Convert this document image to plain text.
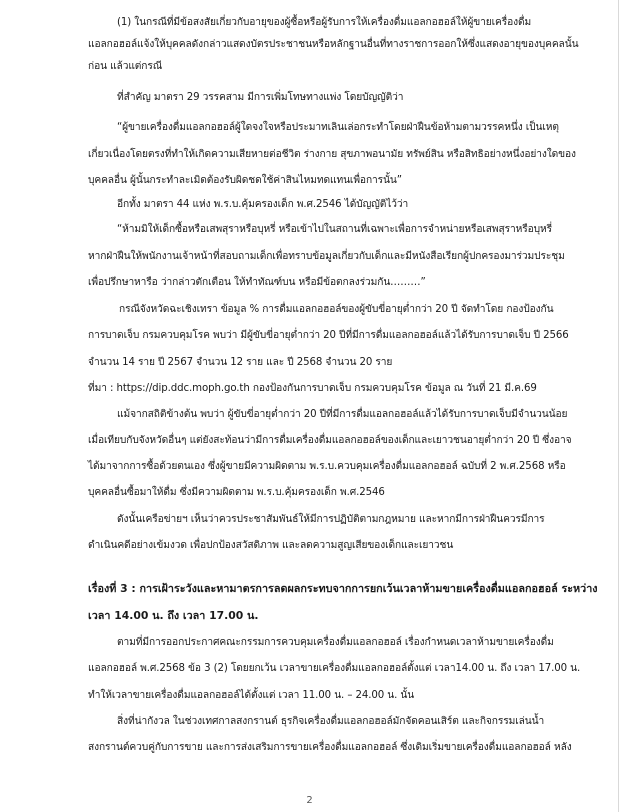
(1) ในกรณีที่มีข้อสงสัยเกี่ยวกับอายุของผู้ซื้อหรือผู้รับการให้เครื่องดื่มแอลกอฮอล์ให้ผู้ขายเครื่องดื่ม
แอลกอฮอล์แจ้งให้บุคคลดังกล่าวแสดงบัตรประชาชนหรือหลักฐานอื่นที่ทางราชการออกให้ซึ่งแสดงอายุของบุคคลนั้น
ก่อน แล้วแต่กรณี
ที่สำคัญ มาตรา 29 วรรคสาม มีการเพิ่มโทษทางแพ่ง โดยบัญญัติว่า
“ผู้ขายเครื่องดื่มแอลกอฮอล์ผู้ใดจงใจหรือประมาทเลินเล่อกระทำโดยฝ่าฝืนข้อห้ามตามวรรคหนึ่ง เป็นเหตุ
เกี่ยวเนื่องโดยตรงที่ทำให้เกิดความเสียหายต่อชีวิต ร่างกาย สุขภาพอนามัย ทรัพย์สิน หรือสิทธิอย่างหนึ่งอย่างใดของ
บุคคลอื่น ผู้นั้นกระทำละเมิดต้องรับผิดชดใช้ค่าสินไหมทดแทนเพื่อการนั้น”
อีกทั้ง มาตรา 44 แห่ง พ.ร.บ.คุ้มครองเด็ก พ.ศ.2546 ได้บัญญัติไว้ว่า
“ห้ามมิให้เด็กซื้อหรือเสพสุราหรือบุหรี่ หรือเข้าไปในสถานที่เฉพาะเพื่อการจำหน่ายหรือเสพสุราหรือบุหรี่
หากฝ่าฝืนให้พนักงานเจ้าหน้าที่สอบถามเด็กเพื่อทราบข้อมูลเกี่ยวกับเด็กและมีหนังสือเรียกผู้ปกครองมาร่วมประชุม
เพื่อปรึกษาหารือ ว่ากล่าวตักเตือน ให้ทำทัณฑ์บน หรือมีข้อตกลงร่วมกัน………”
กรณีจังหวัดฉะเชิงเทรา ข้อมูล % การดื่มแอลกอฮอล์ของผู้ขับขี่อายุต่ำกว่า 20 ปี จัดทำโดย กองป้องกัน
การบาดเจ็บ กรมควบคุมโรค พบว่า มีผู้ขับขี่อายุต่ำกว่า 20 ปีที่มีการดื่มแอลกอฮอล์แล้วได้รับการบาดเจ็บ ปี 2566
จำนวน 14 ราย ปี 2567 จำนวน 12 ราย และ ปี 2568 จำนวน 20 ราย
ที่มา : https://dip.ddc.moph.go.th กองป้องกันการบาดเจ็บ กรมควบคุมโรค ข้อมูล ณ วันที่ 21 มี.ค.69
แม้จากสถิติข้างต้น พบว่า ผู้ขับขี่อายุต่ำกว่า 20 ปีที่มีการดื่มแอลกอฮอล์แล้วได้รับการบาดเจ็บมีจำนวนน้อย
เมื่อเทียบกับจังหวัดอื่นๆ แต่ยังสะท้อนว่ามีการดื่มเครื่องดื่มแอลกอฮอล์ของเด็กและเยาวชนอายุต่ำกว่า 20 ปี ซึ่งอาจ
ได้มาจากการซื้อด้วยตนเอง ซึ่งผู้ขายมีความผิดตาม พ.ร.บ.ควบคุมเครื่องดื่มแอลกอฮอล์ ฉบับที่ 2 พ.ศ.2568 หรือ
บุคคลอื่นซื้อมาให้ดื่ม ซึ่งมีความผิดตาม พ.ร.บ.คุ้มครองเด็ก พ.ศ.2546
ดังนั้นเครือข่ายฯ เห็นว่าควรประชาสัมพันธ์ให้มีการปฏิบัติตามกฎหมาย และหากมีการฝ่าฝืนควรมีการ
ดำเนินคดีอย่างเข้มงวด เพื่อปกป้องสวัสดิภาพ และลดความสูญเสียของเด็กและเยาวชน
เรื่องที่ 3 : การเฝ้าระวังและหามาตรการลดผลกระทบจากการยกเว้นเวลาห้ามขายเครื่องดื่มแอลกอฮอล์ ระหว่าง
เวลา 14.00 น. ถึง เวลา 17.00 น.
ตามที่มีการออกประกาศคณะกรรมการควบคุมเครื่องดื่มแอลกอฮอล์ เรื่องกำหนดเวลาห้ามขายเครื่องดื่ม
แอลกอฮอล์ พ.ศ.2568 ข้อ 3 (2) โดยยกเว้น เวลาขายเครื่องดื่มแอลกอฮอล์ตั้งแต่ เวลา14.00 น. ถึง เวลา 17.00 น.
ทำให้เวลาขายเครื่องดื่มแอลกอฮอล์ได้ตั้งแต่ เวลา 11.00 น. – 24.00 น. นั้น
สิ่งที่น่ากังวล ในช่วงเทศกาลสงกรานต์ ธุรกิจเครื่องดื่มแอลกอฮอล์มักจัดคอนเสิร์ต และกิจกรรมเล่นน้ำ
สงกรานต์ควบคู่กับการขาย และการส่งเสริมการขายเครื่องดื่มแอลกอฮอล์ ซึ่งเดิมเริ่มขายเครื่องดื่มแอลกอฮอล์ หลัง
2
